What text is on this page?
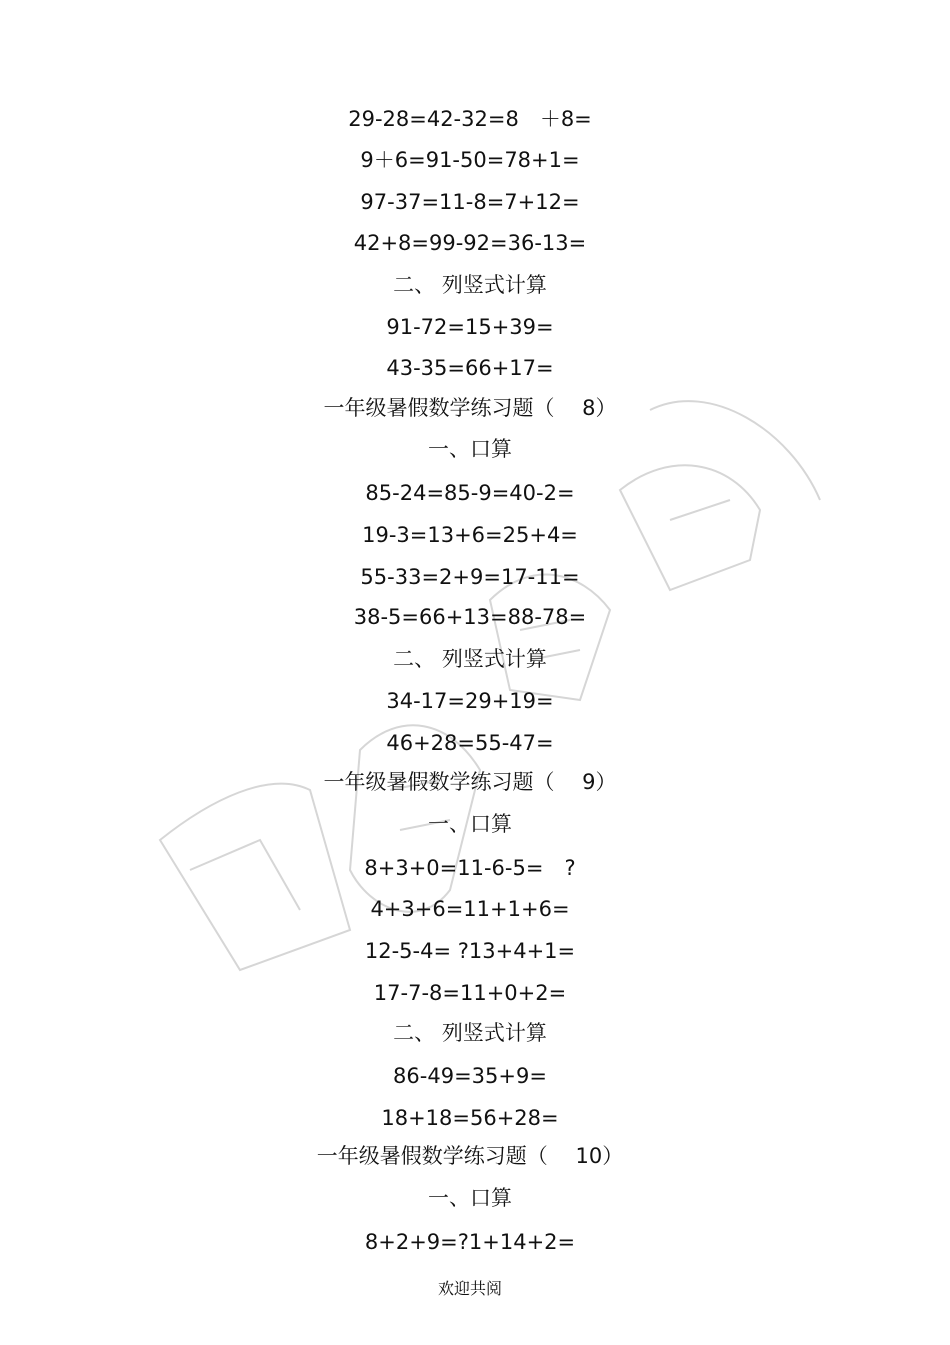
29-28=42-32=8　＋8=
9＋6=91-50=78+1=
97-37=11-8=7+12=
42+8=99-92=36-13=
二、 列竖式计算
91-72=15+39=
43-35=66+17=
一年级暑假数学练习题（　 8）
一、口算
85-24=85-9=40-2=
19-3=13+6=25+4=
55-33=2+9=17-11=
38-5=66+13=88-78=
二、 列竖式计算
34-17=29+19=
46+28=55-47=
一年级暑假数学练习题（　 9）
一、口算
8+3+0=11-6-5=　?
4+3+6=11+1+6=
12-5-4= ?13+4+1=
17-7-8=11+0+2=
二、 列竖式计算
86-49=35+9=
18+18=56+28=
一年级暑假数学练习题（　 10）
一、口算
8+2+9=?1+14+2=
欢迎共阅
